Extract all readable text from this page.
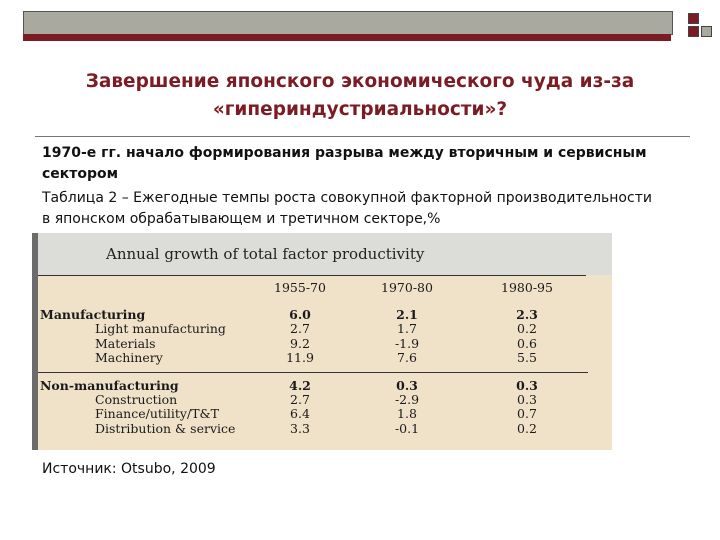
Завершение японского экономического чуда из-за
«гипериндустриальности»?
1970-е гг. начало формирования разрыва между вторичным и сервисным
сектором
Таблица 2 – Ежегодные темпы роста совокупной факторной производительности
в японском обрабатывающем и третичном секторе,%
Annual growth of total factor productivity
1955-70	1970-80	1980-95
Manufacturing	6.0	2.1	2.3
Light manufacturing	2.7	1.7	0.2
Materials	9.2	-1.9	0.6
Machinery	11.9	7.6	5.5
Non-manufacturing	4.2	0.3	0.3
Construction	2.7	-2.9	0.3
Finance/utility/T&T	6.4	1.8	0.7
Distribution & service	3.3	-0.1	0.2
Источник: Otsubo, 2009
